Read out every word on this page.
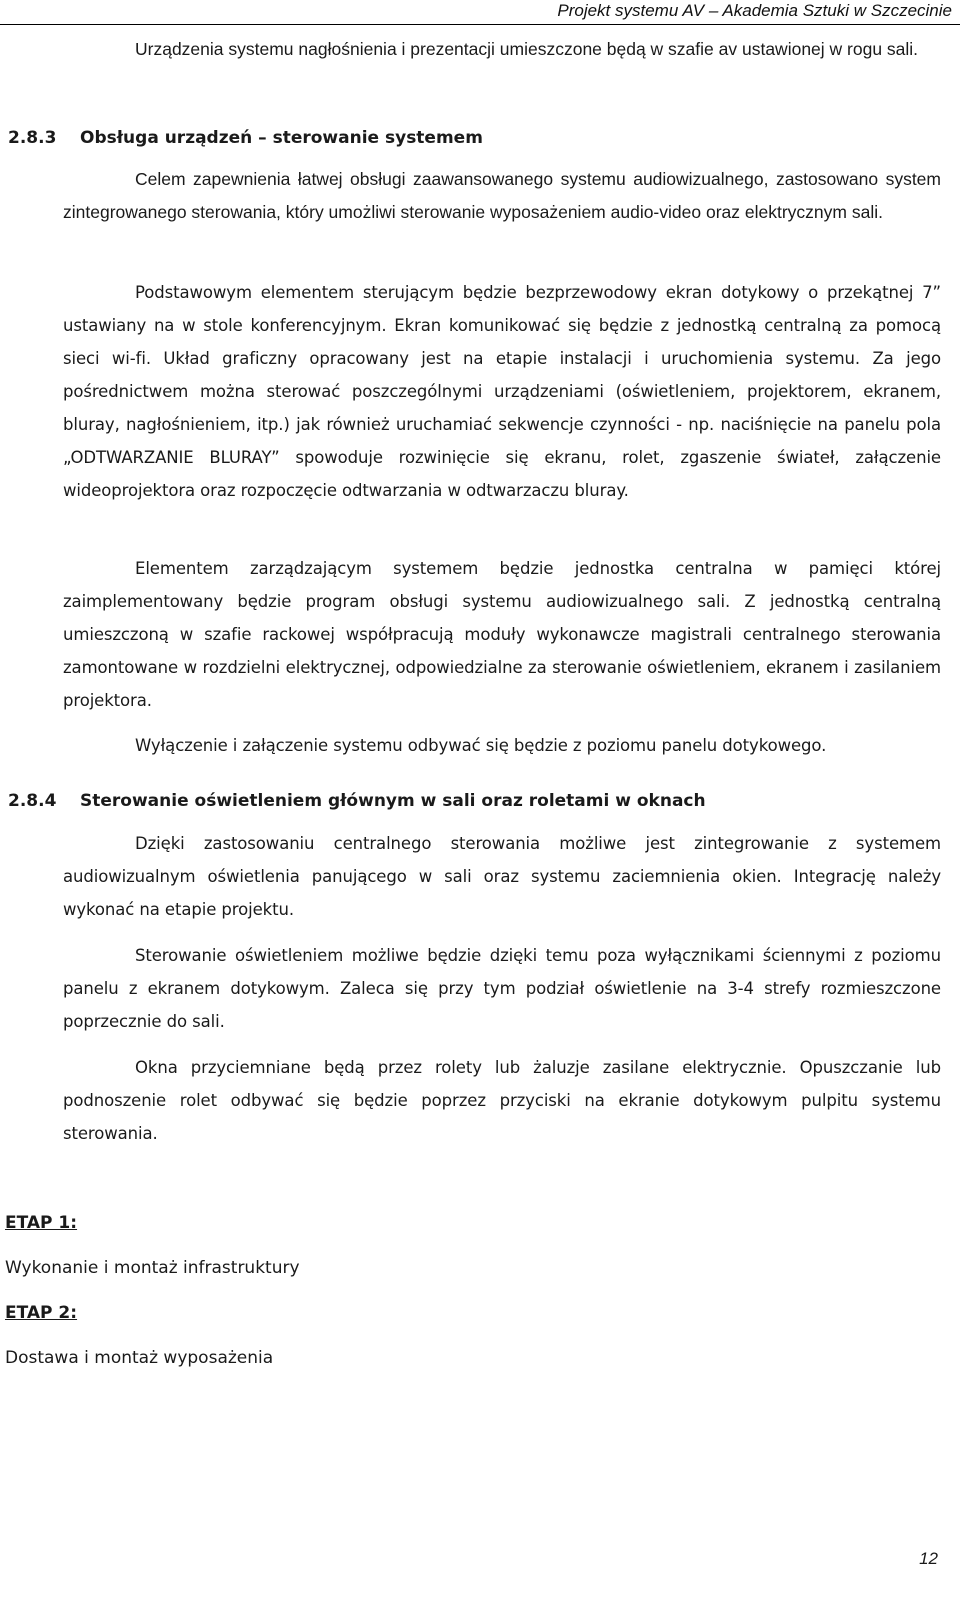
Projekt systemu AV – Akademia Sztuki w Szczecinie

Urządzenia systemu nagłośnienia i prezentacji umieszczone będą w szafie av ustawionej w rogu sali.

2.8.3 Obsługa urządzeń – sterowanie systemem

Celem zapewnienia łatwej obsługi zaawansowanego systemu audiowizualnego, zastosowano system zintegrowanego sterowania, który umożliwi sterowanie wyposażeniem audio-video oraz elektrycznym sali.

Podstawowym elementem sterującym będzie bezprzewodowy ekran dotykowy o przekątnej 7” ustawiany na w stole konferencyjnym. Ekran komunikować się będzie z jednostką centralną za pomocą sieci wi-fi. Układ graficzny opracowany jest na etapie instalacji i uruchomienia systemu. Za jego pośrednictwem można sterować poszczególnymi urządzeniami (oświetleniem, projektorem, ekranem, bluray, nagłośnieniem, itp.) jak również uruchamiać sekwencje czynności - np. naciśnięcie na panelu pola „ODTWARZANIE BLURAY” spowoduje rozwinięcie się ekranu, rolet, zgaszenie świateł, załączenie wideoprojektora oraz rozpoczęcie odtwarzania w odtwarzaczu bluray.

Elementem zarządzającym systemem będzie jednostka centralna w pamięci której zaimplementowany będzie program obsługi systemu audiowizualnego sali. Z jednostką centralną umieszczoną w szafie rackowej współpracują moduły wykonawcze magistrali centralnego sterowania zamontowane w rozdzielni elektrycznej, odpowiedzialne za sterowanie oświetleniem, ekranem i zasilaniem projektora.

Wyłączenie i załączenie systemu odbywać się będzie z poziomu panelu dotykowego.

2.8.4 Sterowanie oświetleniem głównym w sali oraz roletami w oknach

Dzięki zastosowaniu centralnego sterowania możliwe jest zintegrowanie z systemem audiowizualnym oświetlenia panującego w sali oraz systemu zaciemnienia okien. Integrację należy wykonać na etapie projektu.

Sterowanie oświetleniem możliwe będzie dzięki temu poza wyłącznikami ściennymi z poziomu panelu z ekranem dotykowym. Zaleca się przy tym podział oświetlenie na 3-4 strefy rozmieszczone poprzecznie do sali.

Okna przyciemniane będą przez rolety lub żaluzje zasilane elektrycznie. Opuszczanie lub podnoszenie rolet odbywać się będzie poprzez przyciski na ekranie dotykowym pulpitu systemu sterowania.

ETAP 1:

Wykonanie i montaż infrastruktury

ETAP 2:

Dostawa i montaż wyposażenia

12
